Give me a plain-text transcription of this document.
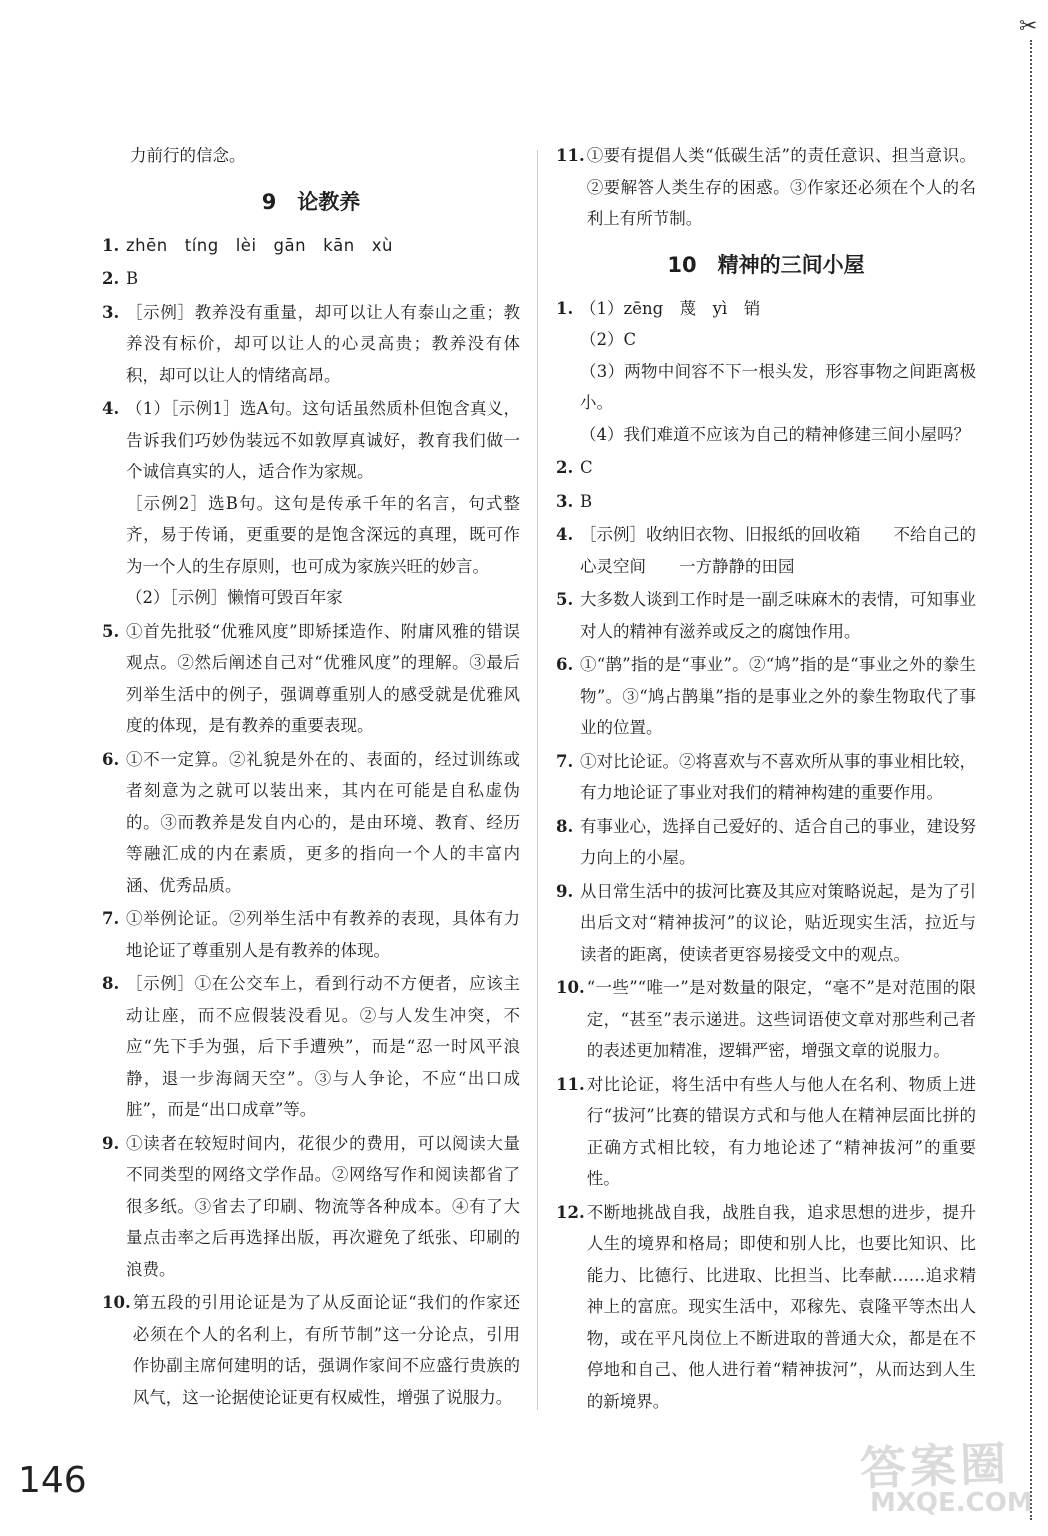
✂

力前行的信念。

9　论教养
1. zhēn　tíng　lèi　gān　kān　xù
2. B
3. ［示例］教养没有重量，却可以让人有泰山之重；教养没有标价，却可以让人的心灵高贵；教养没有体积，却可以让人的情绪高昂。
4. （1）［示例1］选A句。这句话虽然质朴但饱含真义，告诉我们巧妙伪装远不如敦厚真诚好，教育我们做一个诚信真实的人，适合作为家规。

［示例2］选B句。这句是传承千年的名言，句式整齐，易于传诵，更重要的是饱含深远的真理，既可作为一个人的生存原则，也可成为家族兴旺的妙言。

（2）［示例］懒惰可毁百年家

5. ①首先批驳“优雅风度”即矫揉造作、附庸风雅的错误观点。②然后阐述自己对“优雅风度”的理解。③最后列举生活中的例子，强调尊重别人的感受就是优雅风度的体现，是有教养的重要表现。
6. ①不一定算。②礼貌是外在的、表面的，经过训练或者刻意为之就可以装出来，其内在可能是自私虚伪的。③而教养是发自内心的，是由环境、教育、经历等融汇成的内在素质，更多的指向一个人的丰富内涵、优秀品质。
7. ①举例论证。②列举生活中有教养的表现，具体有力地论证了尊重别人是有教养的体现。
8. ［示例］①在公交车上，看到行动不方便者，应该主动让座，而不应假装没看见。②与人发生冲突，不应“先下手为强，后下手遭殃”，而是“忍一时风平浪静，退一步海阔天空”。③与人争论，不应“出口成脏”，而是“出口成章”等。
9. ①读者在较短时间内，花很少的费用，可以阅读大量不同类型的网络文学作品。②网络写作和阅读都省了很多纸。③省去了印刷、物流等各种成本。④有了大量点击率之后再选择出版，再次避免了纸张、印刷的浪费。
10. 第五段的引用论证是为了从反面论证“我们的作家还必须在个人的名利上，有所节制”这一分论点，引用作协副主席何建明的话，强调作家间不应盛行贵族的风气，这一论据使论证更有权威性，增强了说服力。
11. ①要有提倡人类“低碳生活”的责任意识、担当意识。②要解答人类生存的困惑。③作家还必须在个人的名利上有所节制。
10　精神的三间小屋
1. （1）zēng　蔑　yì　销

（2）C

（3）两物中间容不下一根头发，形容事物之间距离极小。

（4）我们难道不应该为自己的精神修建三间小屋吗？

2. C
3. B
4. ［示例］收纳旧衣物、旧报纸的回收箱　　不给自己的心灵空间　　一方静静的田园
5. 大多数人谈到工作时是一副乏味麻木的表情，可知事业对人的精神有滋养或反之的腐蚀作用。
6. ①“鹊”指的是“事业”。②“鸠”指的是“事业之外的豢生物”。③“鸠占鹊巢”指的是事业之外的豢生物取代了事业的位置。
7. ①对比论证。②将喜欢与不喜欢所从事的事业相比较，有力地论证了事业对我们的精神构建的重要作用。
8. 有事业心，选择自己爱好的、适合自己的事业，建设努力向上的小屋。
9. 从日常生活中的拔河比赛及其应对策略说起，是为了引出后文对“精神拔河”的议论，贴近现实生活，拉近与读者的距离，使读者更容易接受文中的观点。
10. “一些”“唯一”是对数量的限定，“毫不”是对范围的限定，“甚至”表示递进。这些词语使文章对那些利己者的表述更加精准，逻辑严密，增强文章的说服力。
11. 对比论证，将生活中有些人与他人在名利、物质上进行“拔河”比赛的错误方式和与他人在精神层面比拼的正确方式相比较，有力地论述了“精神拔河”的重要性。
12. 不断地挑战自我，战胜自我，追求思想的进步，提升人生的境界和格局；即使和别人比，也要比知识、比能力、比德行、比进取、比担当、比奉献……追求精神上的富庶。现实生活中，邓稼先、袁隆平等杰出人物，或在平凡岗位上不断进取的普通大众，都是在不停地和自己、他人进行着“精神拔河”，从而达到人生的新境界。
146	答案圈
MXQE.COM
